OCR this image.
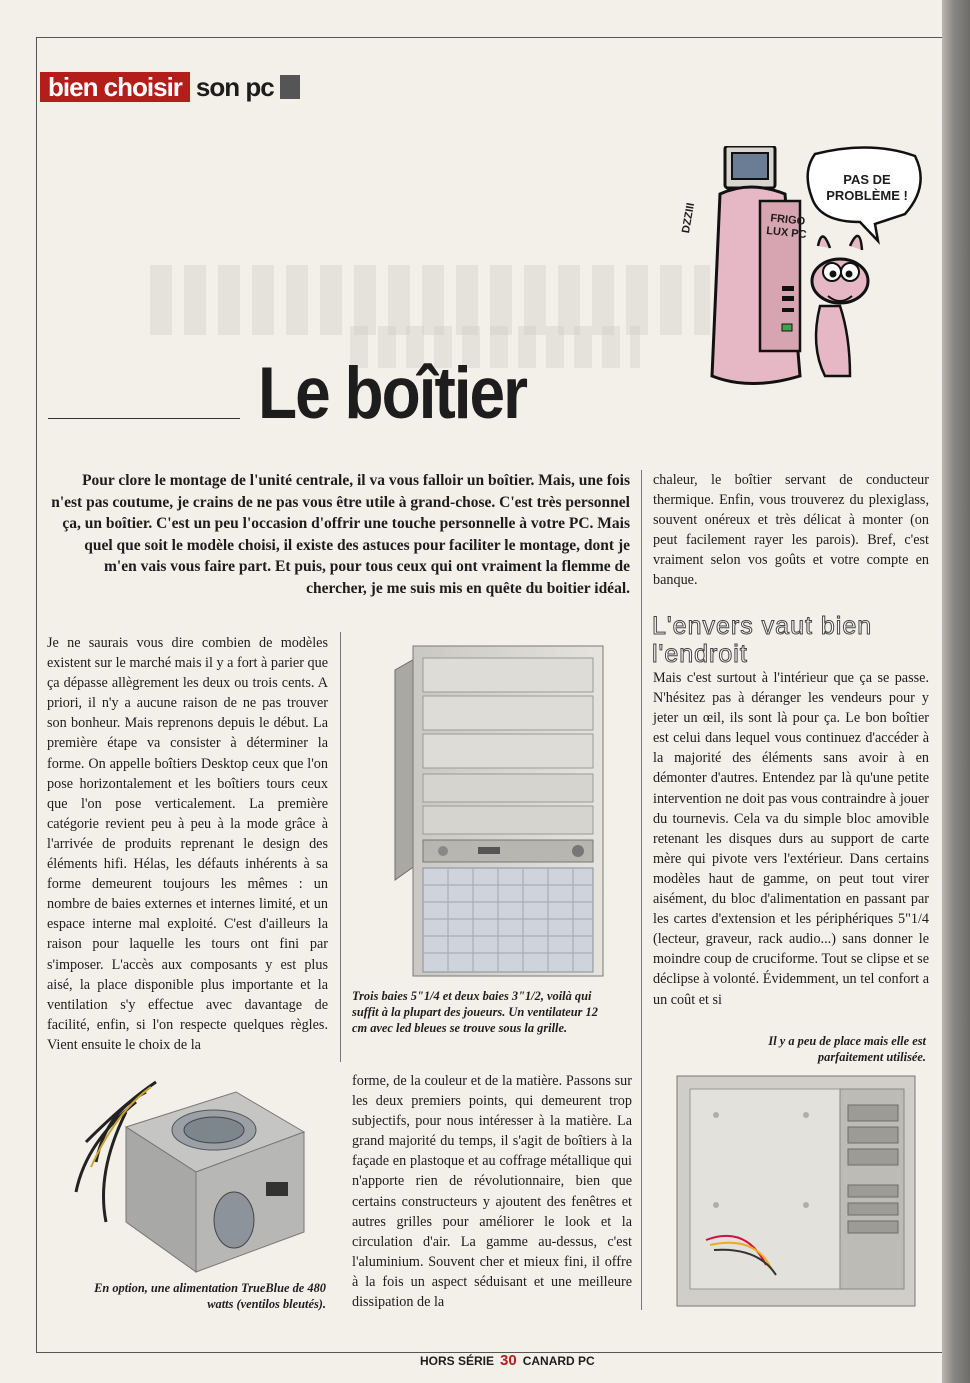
bien choisir son pc
PAS DE PROBLÈME !
FRIGO LUX PC
DZZIII
Le boîtier
Pour clore le montage de l'unité centrale, il va vous falloir un boîtier. Mais, une fois n'est pas coutume, je crains de ne pas vous être utile à grand-chose. C'est très personnel ça, un boîtier. C'est un peu l'occasion d'offrir une touche personnelle à votre PC. Mais quel que soit le modèle choisi, il existe des astuces pour faciliter le montage, dont je m'en vais vous faire part. Et puis, pour tous ceux qui ont vraiment la flemme de chercher, je me suis mis en quête du boitier idéal.
Je ne saurais vous dire combien de modèles existent sur le marché mais il y a fort à parier que ça dépasse allègrement les deux ou trois cents. A priori, il n'y a aucune raison de ne pas trouver son bonheur. Mais reprenons depuis le début. La première étape va consister à déterminer la forme. On appelle boîtiers Desktop ceux que l'on pose horizontalement et les boîtiers tours ceux que l'on pose verticalement. La première catégorie revient peu à peu à la mode grâce à l'arrivée de produits reprenant le design des éléments hifi. Hélas, les défauts inhérents à sa forme demeurent toujours les mêmes : un nombre de baies externes et internes limité, et un espace interne mal exploité. C'est d'ailleurs la raison pour laquelle les tours ont fini par s'imposer. L'accès aux composants y est plus aisé, la place disponible plus importante et la ventilation s'y effectue avec davantage de facilité, enfin, si l'on respecte quelques règles. Vient ensuite le choix de la
Trois baies 5"1/4 et deux baies 3"1/2, voilà qui suffit à la plupart des joueurs. Un ventilateur 12 cm avec led bleues se trouve sous la grille.
forme, de la couleur et de la matière. Passons sur les deux premiers points, qui demeurent trop subjectifs, pour nous intéresser à la matière. La grand majorité du temps, il s'agit de boîtiers à la façade en plastoque et au coffrage métallique qui n'apporte rien de révolutionnaire, bien que certains constructeurs y ajoutent des fenêtres et autres grilles pour améliorer le look et la circulation d'air. La gamme au-dessus, c'est l'aluminium. Souvent cher et mieux fini, il offre à la fois un aspect séduisant et une meilleure dissipation de la
En option, une alimentation TrueBlue de 480 watts (ventilos bleutés).
chaleur, le boîtier servant de conducteur thermique. Enfin, vous trouverez du plexiglass, souvent onéreux et très délicat à monter (on peut facilement rayer les parois). Bref, c'est vraiment selon vos goûts et votre compte en banque.
L'envers vaut bien l'endroit
Mais c'est surtout à l'intérieur que ça se passe. N'hésitez pas à déranger les vendeurs pour y jeter un œil, ils sont là pour ça. Le bon boîtier est celui dans lequel vous continuez d'accéder à la majorité des éléments sans avoir à en démonter d'autres. Entendez par là qu'une petite intervention ne doit pas vous contraindre à jouer du tournevis. Cela va du simple bloc amovible retenant les disques durs au support de carte mère qui pivote vers l'extérieur. Dans certains modèles haut de gamme, on peut tout virer aisément, du bloc d'alimentation en passant par les cartes d'extension et les périphériques 5"1/4 (lecteur, graveur, rack audio...) sans donner le moindre coup de cruciforme. Tout se clipse et se déclipse à volonté. Évidemment, un tel confort a un coût et si
Il y a peu de place mais elle est parfaitement utilisée.
HORS SÉRIE 30 CANARD PC
